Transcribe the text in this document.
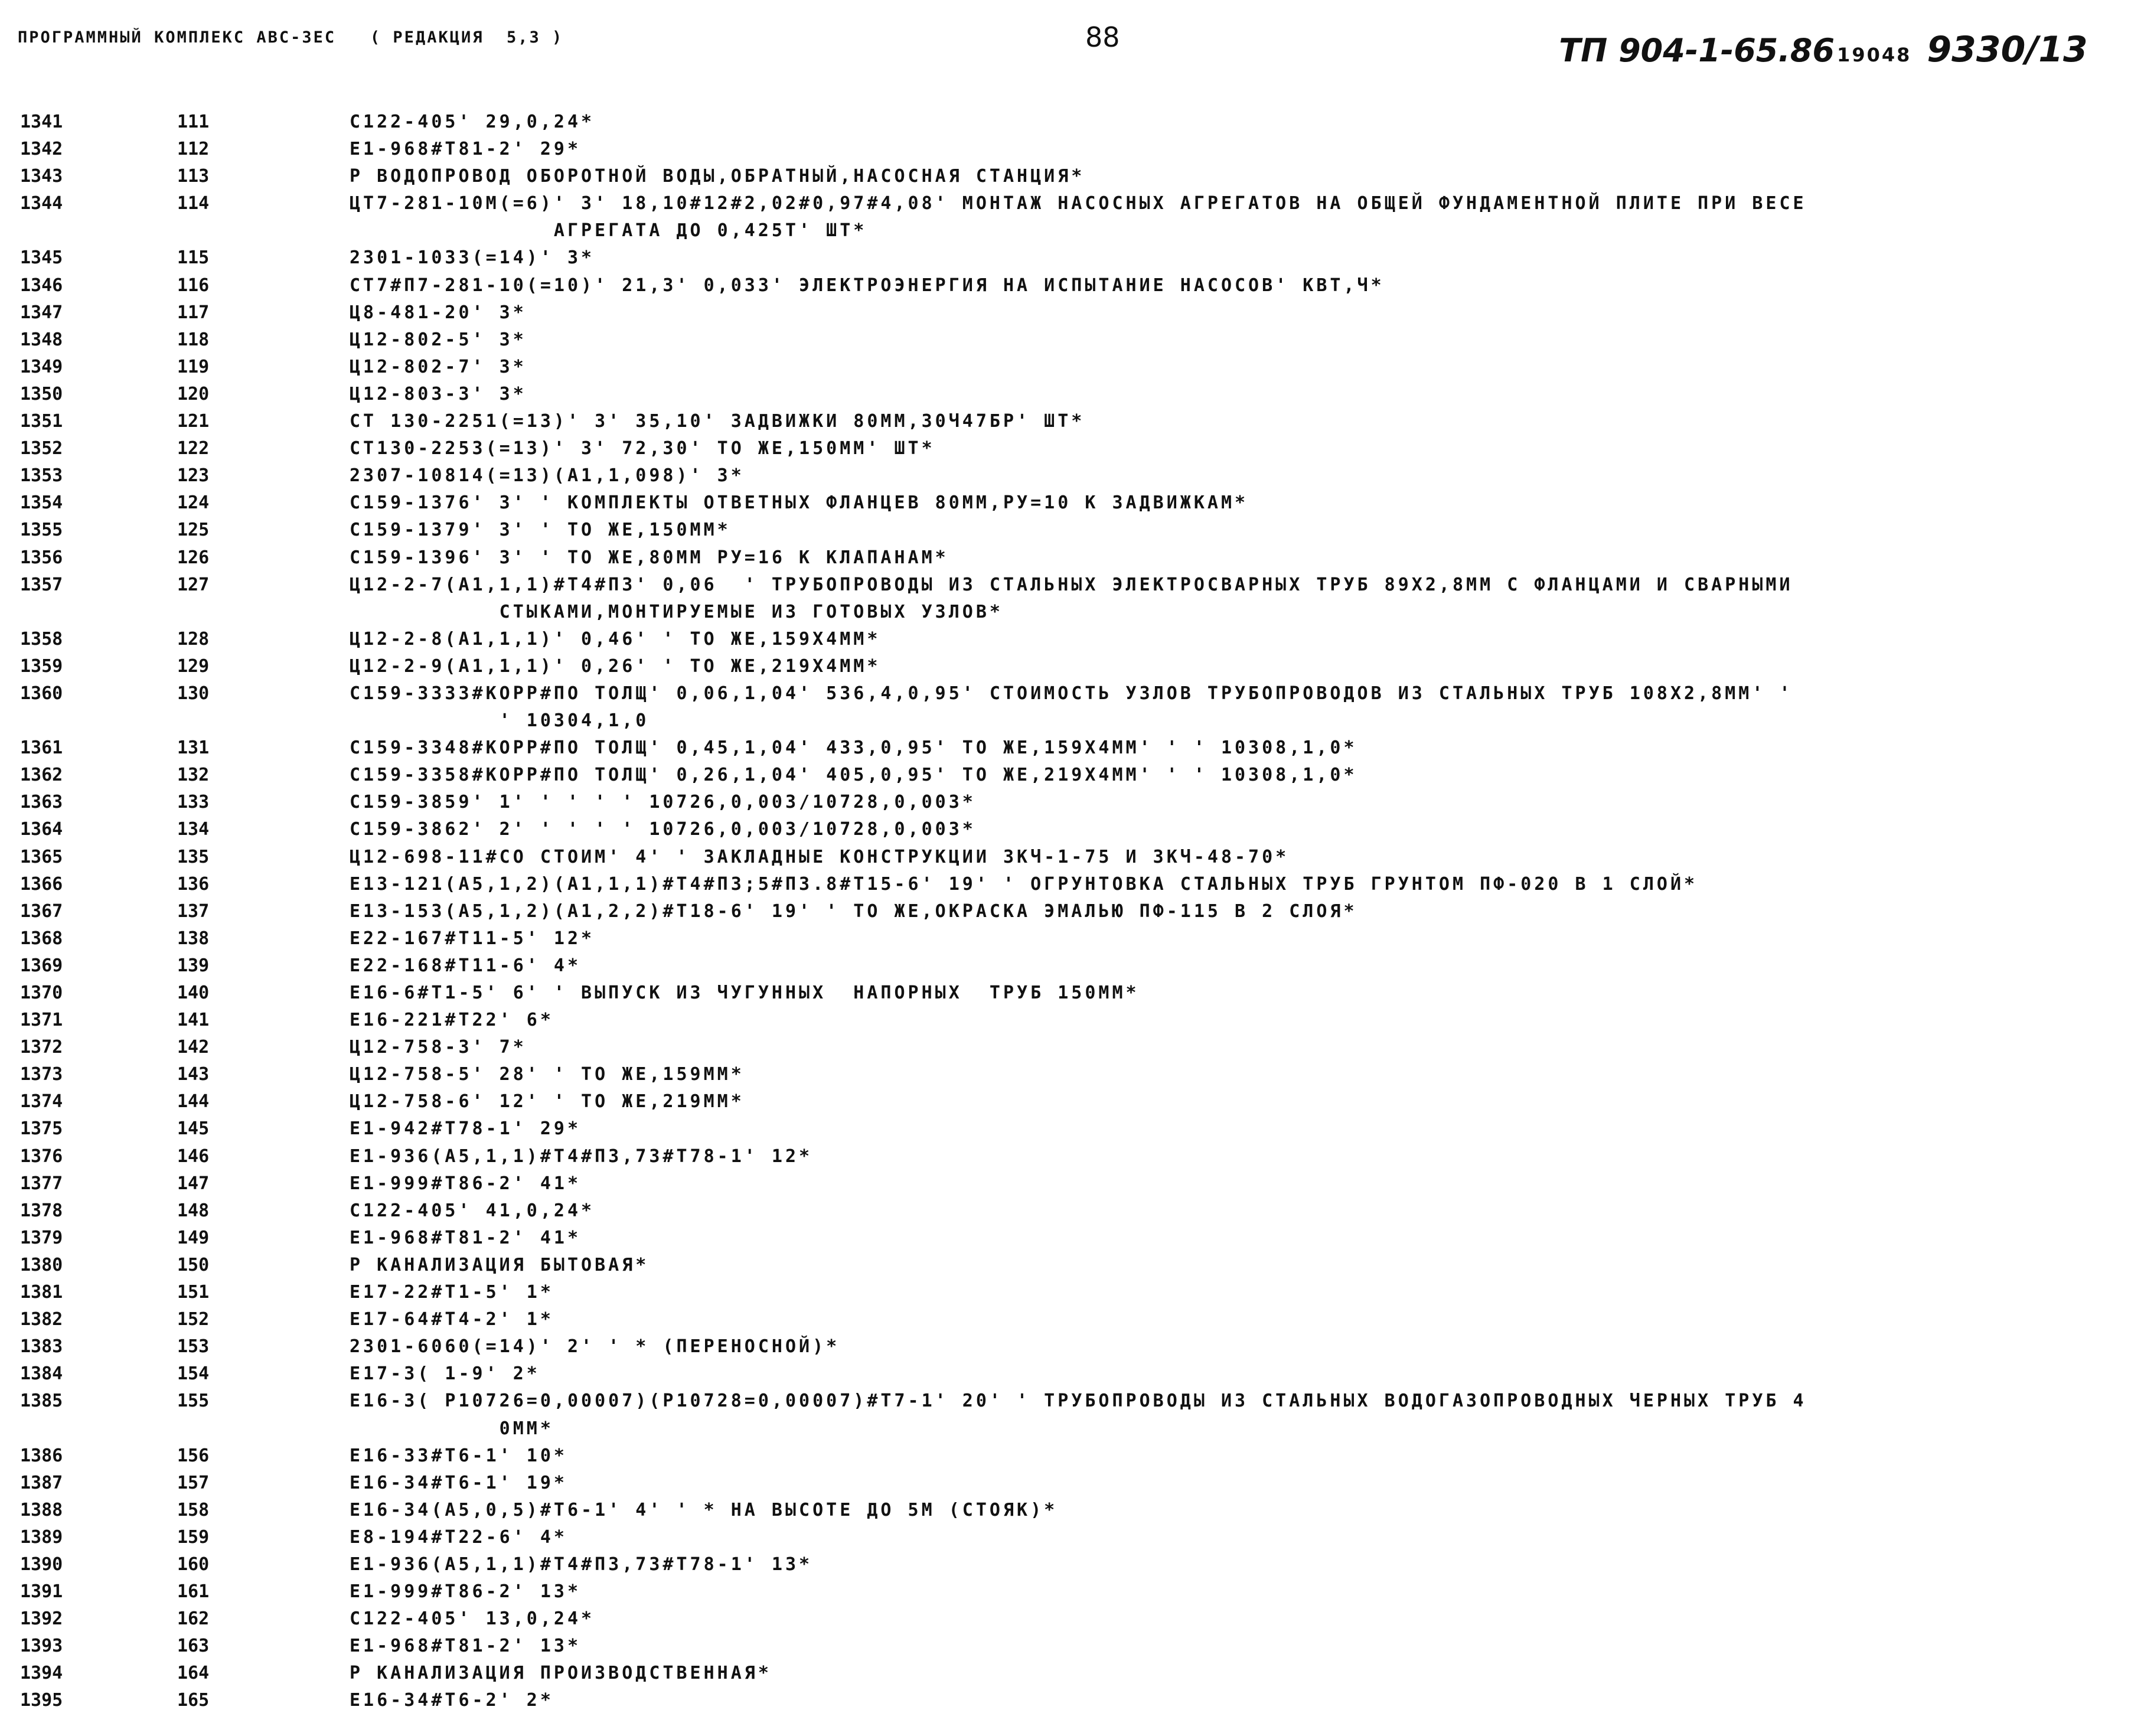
ПРОГРАММНЫЙ КОМПЛЕКС АВС-ЗЕС   ( РЕДАКЦИЯ  5,3 )	88	ТП 904-1-65.86 19048 9330/13

1341	111	С122-405' 29,0,24*
1342	112	Е1-968#Т81-2' 29*
1343	113	Р ВОДОПРОВОД ОБОРОТНОЙ ВОДЫ,ОБРАТНЫЙ,НАСОСНАЯ СТАНЦИЯ*
1344	114	ЦТ7-281-10М(=6)' 3' 18,10#12#2,02#0,97#4,08' МОНТАЖ НАСОСНЫХ АГРЕГАТОВ НА ОБЩЕЙ ФУНДАМЕНТНОЙ ПЛИТЕ ПРИ ВЕСЕ
АГРЕГАТА ДО 0,425Т' ШТ*
1345	115	2301-1033(=14)' 3*
1346	116	СТ7#П7-281-10(=10)' 21,3' 0,033' ЭЛЕКТРОЭНЕРГИЯ НА ИСПЫТАНИЕ НАСОСОВ' КВТ,Ч*
1347	117	Ц8-481-20' 3*
1348	118	Ц12-802-5' 3*
1349	119	Ц12-802-7' 3*
1350	120	Ц12-803-3' 3*
1351	121	СТ 130-2251(=13)' 3' 35,10' ЗАДВИЖКИ 80ММ,30Ч47БР' ШТ*
1352	122	СТ130-2253(=13)' 3' 72,30' ТО ЖЕ,150ММ' ШТ*
1353	123	2307-10814(=13)(А1,1,098)' 3*
1354	124	С159-1376' 3' ' КОМПЛЕКТЫ ОТВЕТНЫХ ФЛАНЦЕВ 80ММ,РУ=10 К ЗАДВИЖКАМ*
1355	125	С159-1379' 3' ' ТО ЖЕ,150ММ*
1356	126	С159-1396' 3' ' ТО ЖЕ,80ММ РУ=16 К КЛАПАНАМ*
1357	127	Ц12-2-7(А1,1,1)#Т4#П3' 0,06  ' ТРУБОПРОВОДЫ ИЗ СТАЛЬНЫХ ЭЛЕКТРОСВАРНЫХ ТРУБ 89Х2,8ММ С ФЛАНЦАМИ И СВАРНЫМИ
СТЫКАМИ,МОНТИРУЕМЫЕ ИЗ ГОТОВЫХ УЗЛОВ*
1358	128	Ц12-2-8(А1,1,1)' 0,46' ' ТО ЖЕ,159Х4ММ*
1359	129	Ц12-2-9(А1,1,1)' 0,26' ' ТО ЖЕ,219Х4ММ*
1360	130	С159-3333#КОРР#ПО ТОЛЩ' 0,06,1,04' 536,4,0,95' СТОИМОСТЬ УЗЛОВ ТРУБОПРОВОДОВ ИЗ СТАЛЬНЫХ ТРУБ 108Х2,8ММ' '
' 10304,1,0
1361	131	С159-3348#КОРР#ПО ТОЛЩ' 0,45,1,04' 433,0,95' ТО ЖЕ,159Х4ММ' ' ' 10308,1,0*
1362	132	С159-3358#КОРР#ПО ТОЛЩ' 0,26,1,04' 405,0,95' ТО ЖЕ,219Х4ММ' ' ' 10308,1,0*
1363	133	С159-3859' 1' ' ' ' ' 10726,0,003/10728,0,003*
1364	134	С159-3862' 2' ' ' ' ' 10726,0,003/10728,0,003*
1365	135	Ц12-698-11#СО СТОИМ' 4' ' ЗАКЛАДНЫЕ КОНСТРУКЦИИ ЗКЧ-1-75 И ЗКЧ-48-70*
1366	136	Е13-121(А5,1,2)(А1,1,1)#Т4#П3;5#П3.8#Т15-6' 19' ' ОГРУНТОВКА СТАЛЬНЫХ ТРУБ ГРУНТОМ ПФ-020 В 1 СЛОЙ*
1367	137	Е13-153(А5,1,2)(А1,2,2)#Т18-6' 19' ' ТО ЖЕ,ОКРАСКА ЭМАЛЬЮ ПФ-115 В 2 СЛОЯ*
1368	138	Е22-167#Т11-5' 12*
1369	139	Е22-168#Т11-6' 4*
1370	140	Е16-6#Т1-5' 6' ' ВЫПУСК ИЗ ЧУГУННЫХ  НАПОРНЫХ  ТРУБ 150ММ*
1371	141	Е16-221#Т22' 6*
1372	142	Ц12-758-3' 7*
1373	143	Ц12-758-5' 28' ' ТО ЖЕ,159ММ*
1374	144	Ц12-758-6' 12' ' ТО ЖЕ,219ММ*
1375	145	Е1-942#Т78-1' 29*
1376	146	Е1-936(А5,1,1)#Т4#П3,73#Т78-1' 12*
1377	147	Е1-999#Т86-2' 41*
1378	148	С122-405' 41,0,24*
1379	149	Е1-968#Т81-2' 41*
1380	150	Р КАНАЛИЗАЦИЯ БЫТОВАЯ*
1381	151	Е17-22#Т1-5' 1*
1382	152	Е17-64#Т4-2' 1*
1383	153	2301-6060(=14)' 2' ' * (ПЕРЕНОСНОЙ)*
1384	154	Е17-3( 1-9' 2*
1385	155	Е16-3( Р10726=0,00007)(Р10728=0,00007)#Т7-1' 20' ' ТРУБОПРОВОДЫ ИЗ СТАЛЬНЫХ ВОДОГАЗОПРОВОДНЫХ ЧЕРНЫХ ТРУБ 4
0ММ*
1386	156	Е16-33#Т6-1' 10*
1387	157	Е16-34#Т6-1' 19*
1388	158	Е16-34(А5,0,5)#Т6-1' 4' ' * НА ВЫСОТЕ ДО 5М (СТОЯК)*
1389	159	Е8-194#Т22-6' 4*
1390	160	Е1-936(А5,1,1)#Т4#П3,73#Т78-1' 13*
1391	161	Е1-999#Т86-2' 13*
1392	162	С122-405' 13,0,24*
1393	163	Е1-968#Т81-2' 13*
1394	164	Р КАНАЛИЗАЦИЯ ПРОИЗВОДСТВЕННАЯ*
1395	165	Е16-34#Т6-2' 2*
